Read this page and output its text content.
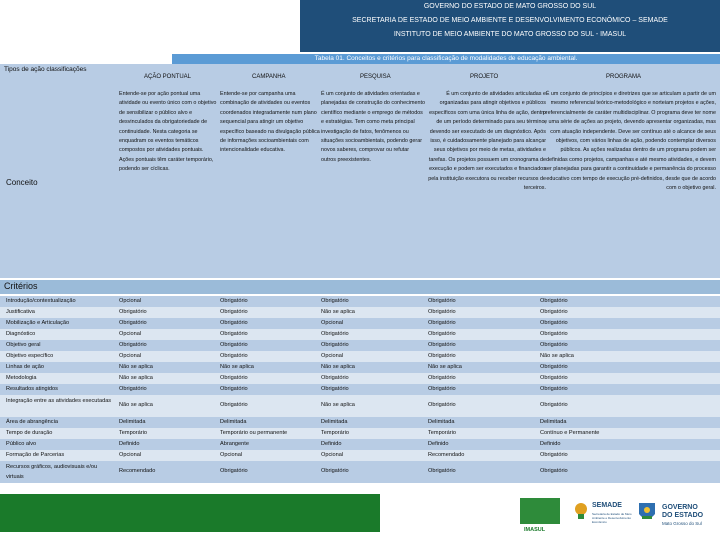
GOVERNO DO ESTADO DE MATO GROSSO DO SUL
SECRETARIA DE ESTADO DE MEIO AMBIENTE E DESENVOLVIMENTO ECONÔMICO – SEMADE
INSTITUTO DE MEIO AMBIENTE DO MATO GROSSO DO SUL - IMASUL
Tabela 01. Conceitos e critérios para classificação de modalidades de educação ambiental.
Tipos de ação classificações
AÇÃO PONTUAL	CAMPANHA	PESQUISA	PROJETO	PROGRAMA
Conceito
Entende-se por ação pontual uma atividade ou evento único com o objetivo de sensibilizar o público alvo e desvinculados da obrigatoriedade de continuidade. Nesta categoria se enquadram os eventos temáticos compostos por atividades pontuais. Ações pontuais têm caráter temporário, podendo ser cíclicas.
Entende-se por campanha uma combinação de atividades ou eventos coordenados integradamente num plano sequencial para atingir um objetivo específico baseado na divulgação pública de informações socioambientais com intencionalidade educativa.
É um conjunto de atividades orientadas e planejadas de construção do conhecimento científico mediante o emprego de métodos e estratégias. Tem como meta principal investigação de fatos, fenômenos ou situações socioambientais, podendo gerar novos saberes, comprovar ou refutar outros preexistentes.
É um conjunto de atividades articuladas e organizadas para atingir objetivos e públicos específicos com uma única linha de ação, dentro de um período determinado para seu término, devendo ser executado de um diagnóstico. Após isso, é cuidadosamente planejado para alcançar seus objetivos por meio de metas, atividades e tarefas. Os projetos possuem um cronograma de execução e podem ser executados e financiados pela instituição executora ou receber recursos de terceiros.
É um conjunto de princípios e diretrizes que se articulam a partir de um mesmo referencial teórico-metodológico e norteiam projetos e ações, preferencialmente de caráter multidisciplinar. O programa deve ter nome e uma série de ações ao projeto, devendo apresentar organizadas, mas com atuação independente. Deve ser contínuo até o alcance de seus objetivos, com vários linhas de ação, podendo contemplar diversos públicos. As ações realizadas dentro de um programa podem ser definidas como projetos, campanhas e até mesmo atividades, e devem ser planejadas para garantir a continuidade e permanência do processo educativo com tempo de execução pré-definidos, desde que de acordo com o objetivo geral.
Critérios
Introdução/contextualização	Opcional	Obrigatório	Obrigatório	Obrigatório	Obrigatório
Justificativa	Obrigatório	Obrigatório	Não se aplica	Obrigatório	Obrigatório
Mobilização e Articulação	Obrigatório	Obrigatório	Opcional	Obrigatório	Obrigatório
Diagnóstico	Opcional	Obrigatório	Obrigatório	Obrigatório	Obrigatório
Objetivo geral	Obrigatório	Obrigatório	Obrigatório	Obrigatório	Obrigatório
Objetivo específico	Opcional	Obrigatório	Opcional	Obrigatório	Não se aplica
Linhas de ação	Não se aplica	Não se aplica	Não se aplica	Não se aplica	Obrigatório
Metodologia	Não se aplica	Obrigatório	Obrigatório	Obrigatório	Obrigatório
Resultados atingidos	Obrigatório	Obrigatório	Obrigatório	Obrigatório	Obrigatório
Integração entre as atividades executadas
Não se aplica	Obrigatório	Não se aplica	Obrigatório	Obrigatório
Área de abrangência	Delimitada	Delimitada	Delimitada	Delimitada	Delimitada
Tempo de duração	Temporário	Temporário ou permanente	Temporário	Temporário	Contínuo e Permanente
Público alvo	Definido	Abrangente	Definido	Definido	Definido
Formação de Parcerias	Opcional	Opcional	Opcional	Recomendado	Obrigatório
Recursos gráficos, audiovisuais e/ou virtuais
Recomendado	Obrigatório	Obrigatório	Obrigatório	Obrigatório
IMASUL
SEMADE
Secretaria de Estado de Meio Ambiente e Desenvolvimento Econômico
GOVERNO
DO ESTADO
Mato Grosso do Sul
